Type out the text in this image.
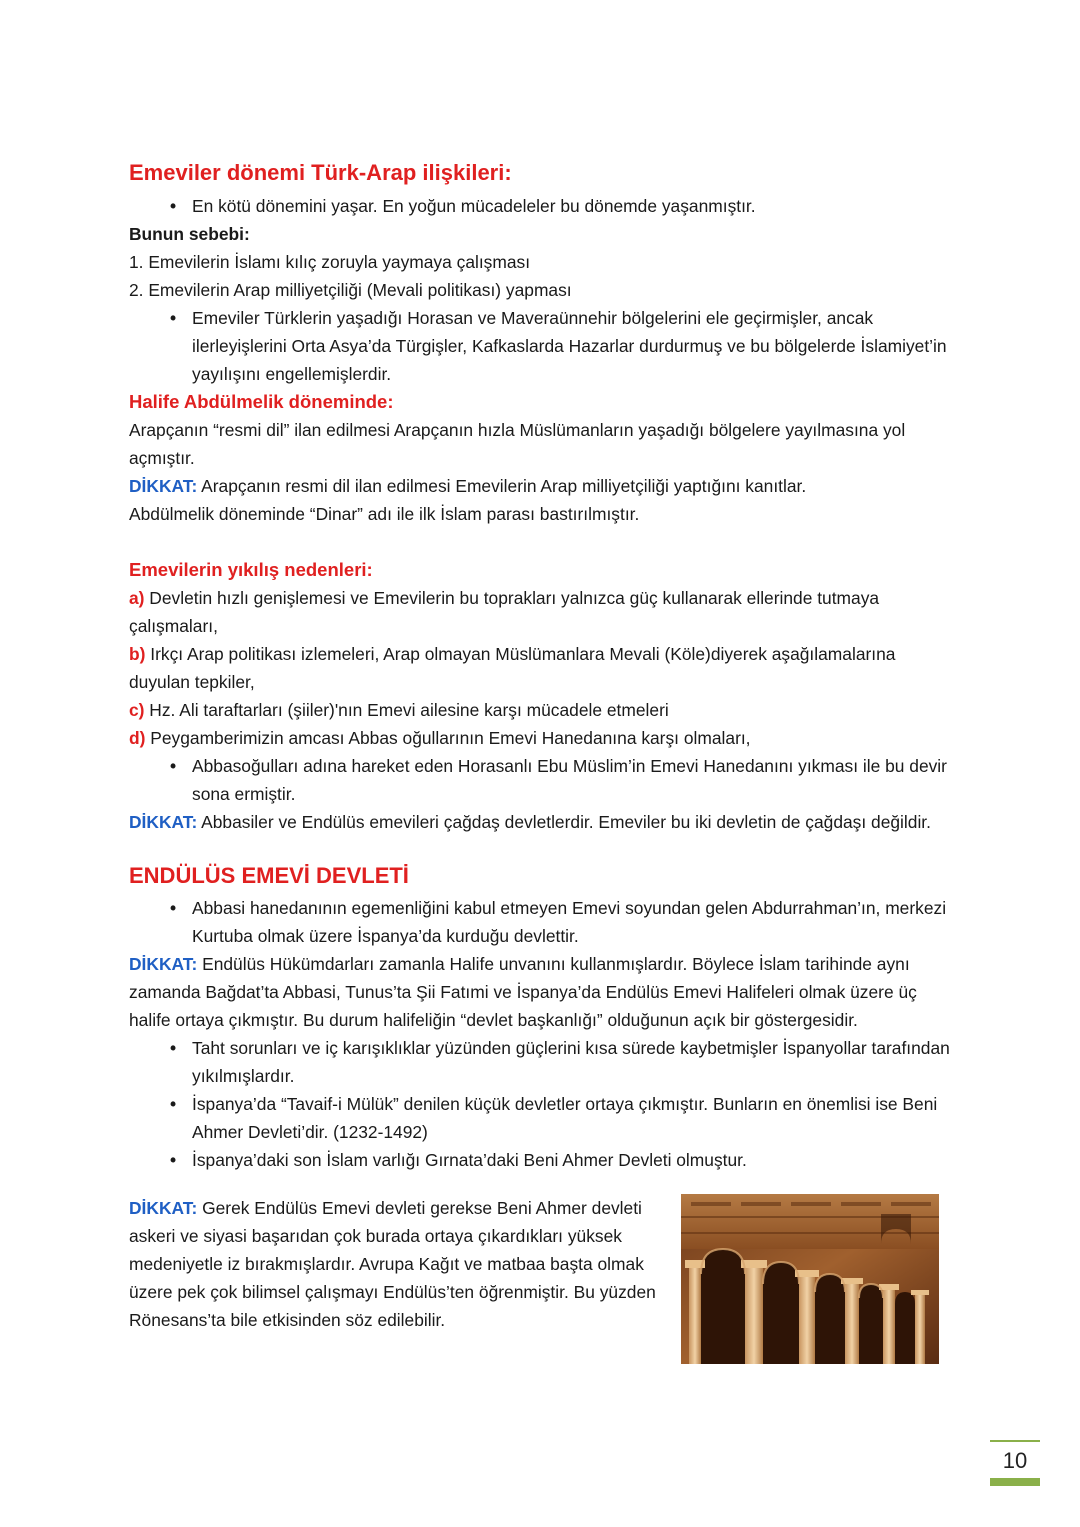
Emeviler dönemi Türk-Arap ilişkileri:

• En kötü dönemini yaşar. En yoğun mücadeleler bu dönemde yaşanmıştır.

Bunun sebebi:

1. Emevilerin İslamı kılıç zoruyla yaymaya çalışması

2. Emevilerin Arap milliyetçiliği (Mevali politikası) yapması

• Emeviler Türklerin yaşadığı Horasan ve Maveraünnehir bölgelerini ele geçirmişler, ancak ilerleyişlerini Orta Asya’da Türgişler, Kafkaslarda Hazarlar durdurmuş ve bu bölgelerde İslamiyet’in yayılışını engellemişlerdir.

Halife Abdülmelik döneminde:

Arapçanın “resmi dil” ilan edilmesi Arapçanın hızla Müslümanların yaşadığı bölgelere yayılmasına yol açmıştır.

DİKKAT: Arapçanın resmi dil ilan edilmesi Emevilerin Arap milliyetçiliği yaptığını kanıtlar.

Abdülmelik döneminde “Dinar” adı ile ilk İslam parası bastırılmıştır.

Emevilerin yıkılış nedenleri:

a) Devletin hızlı genişlemesi ve Emevilerin bu toprakları yalnızca güç kullanarak ellerinde tutmaya çalışmaları,

b) Irkçı Arap politikası izlemeleri, Arap olmayan Müslümanlara Mevali (Köle)diyerek aşağılamalarına duyulan tepkiler,

c) Hz. Ali taraftarları (şiiler)'nın Emevi ailesine karşı mücadele etmeleri

d) Peygamberimizin amcası Abbas oğullarının Emevi Hanedanına karşı olmaları,

• Abbasoğulları adına hareket eden Horasanlı Ebu Müslim’in Emevi Hanedanını yıkması ile bu devir sona ermiştir.

DİKKAT: Abbasiler ve Endülüs emevileri çağdaş devletlerdir. Emeviler bu iki devletin de çağdaşı değildir.

ENDÜLÜS EMEVİ DEVLETİ

• Abbasi hanedanının egemenliğini kabul etmeyen Emevi soyundan gelen Abdurrahman’ın, merkezi Kurtuba olmak üzere İspanya’da kurduğu devlettir.

DİKKAT: Endülüs Hükümdarları zamanla Halife unvanını kullanmışlardır. Böylece İslam tarihinde aynı zamanda Bağdat’ta Abbasi, Tunus’ta Şii Fatımi ve İspanya’da Endülüs Emevi Halifeleri olmak üzere üç halife ortaya çıkmıştır. Bu durum halifeliğin “devlet başkanlığı” olduğunun açık bir göstergesidir.

• Taht sorunları ve iç karışıklıklar yüzünden güçlerini kısa sürede kaybetmişler İspanyollar tarafından yıkılmışlardır.

• İspanya’da “Tavaif-i Mülük” denilen küçük devletler ortaya çıkmıştır. Bunların en önemlisi ise Beni Ahmer Devleti’dir. (1232-1492)

• İspanya’daki son İslam varlığı Gırnata’daki Beni Ahmer Devleti olmuştur.

DİKKAT: Gerek Endülüs Emevi devleti gerekse Beni Ahmer devleti askeri ve siyasi başarıdan çok burada ortaya çıkardıkları yüksek medeniyetle iz bırakmışlardır. Avrupa Kağıt ve matbaa başta olmak üzere pek çok bilimsel çalışmayı Endülüs’ten öğrenmiştir. Bu yüzden Rönesans’ta bile etkisinden söz edilebilir.

10
